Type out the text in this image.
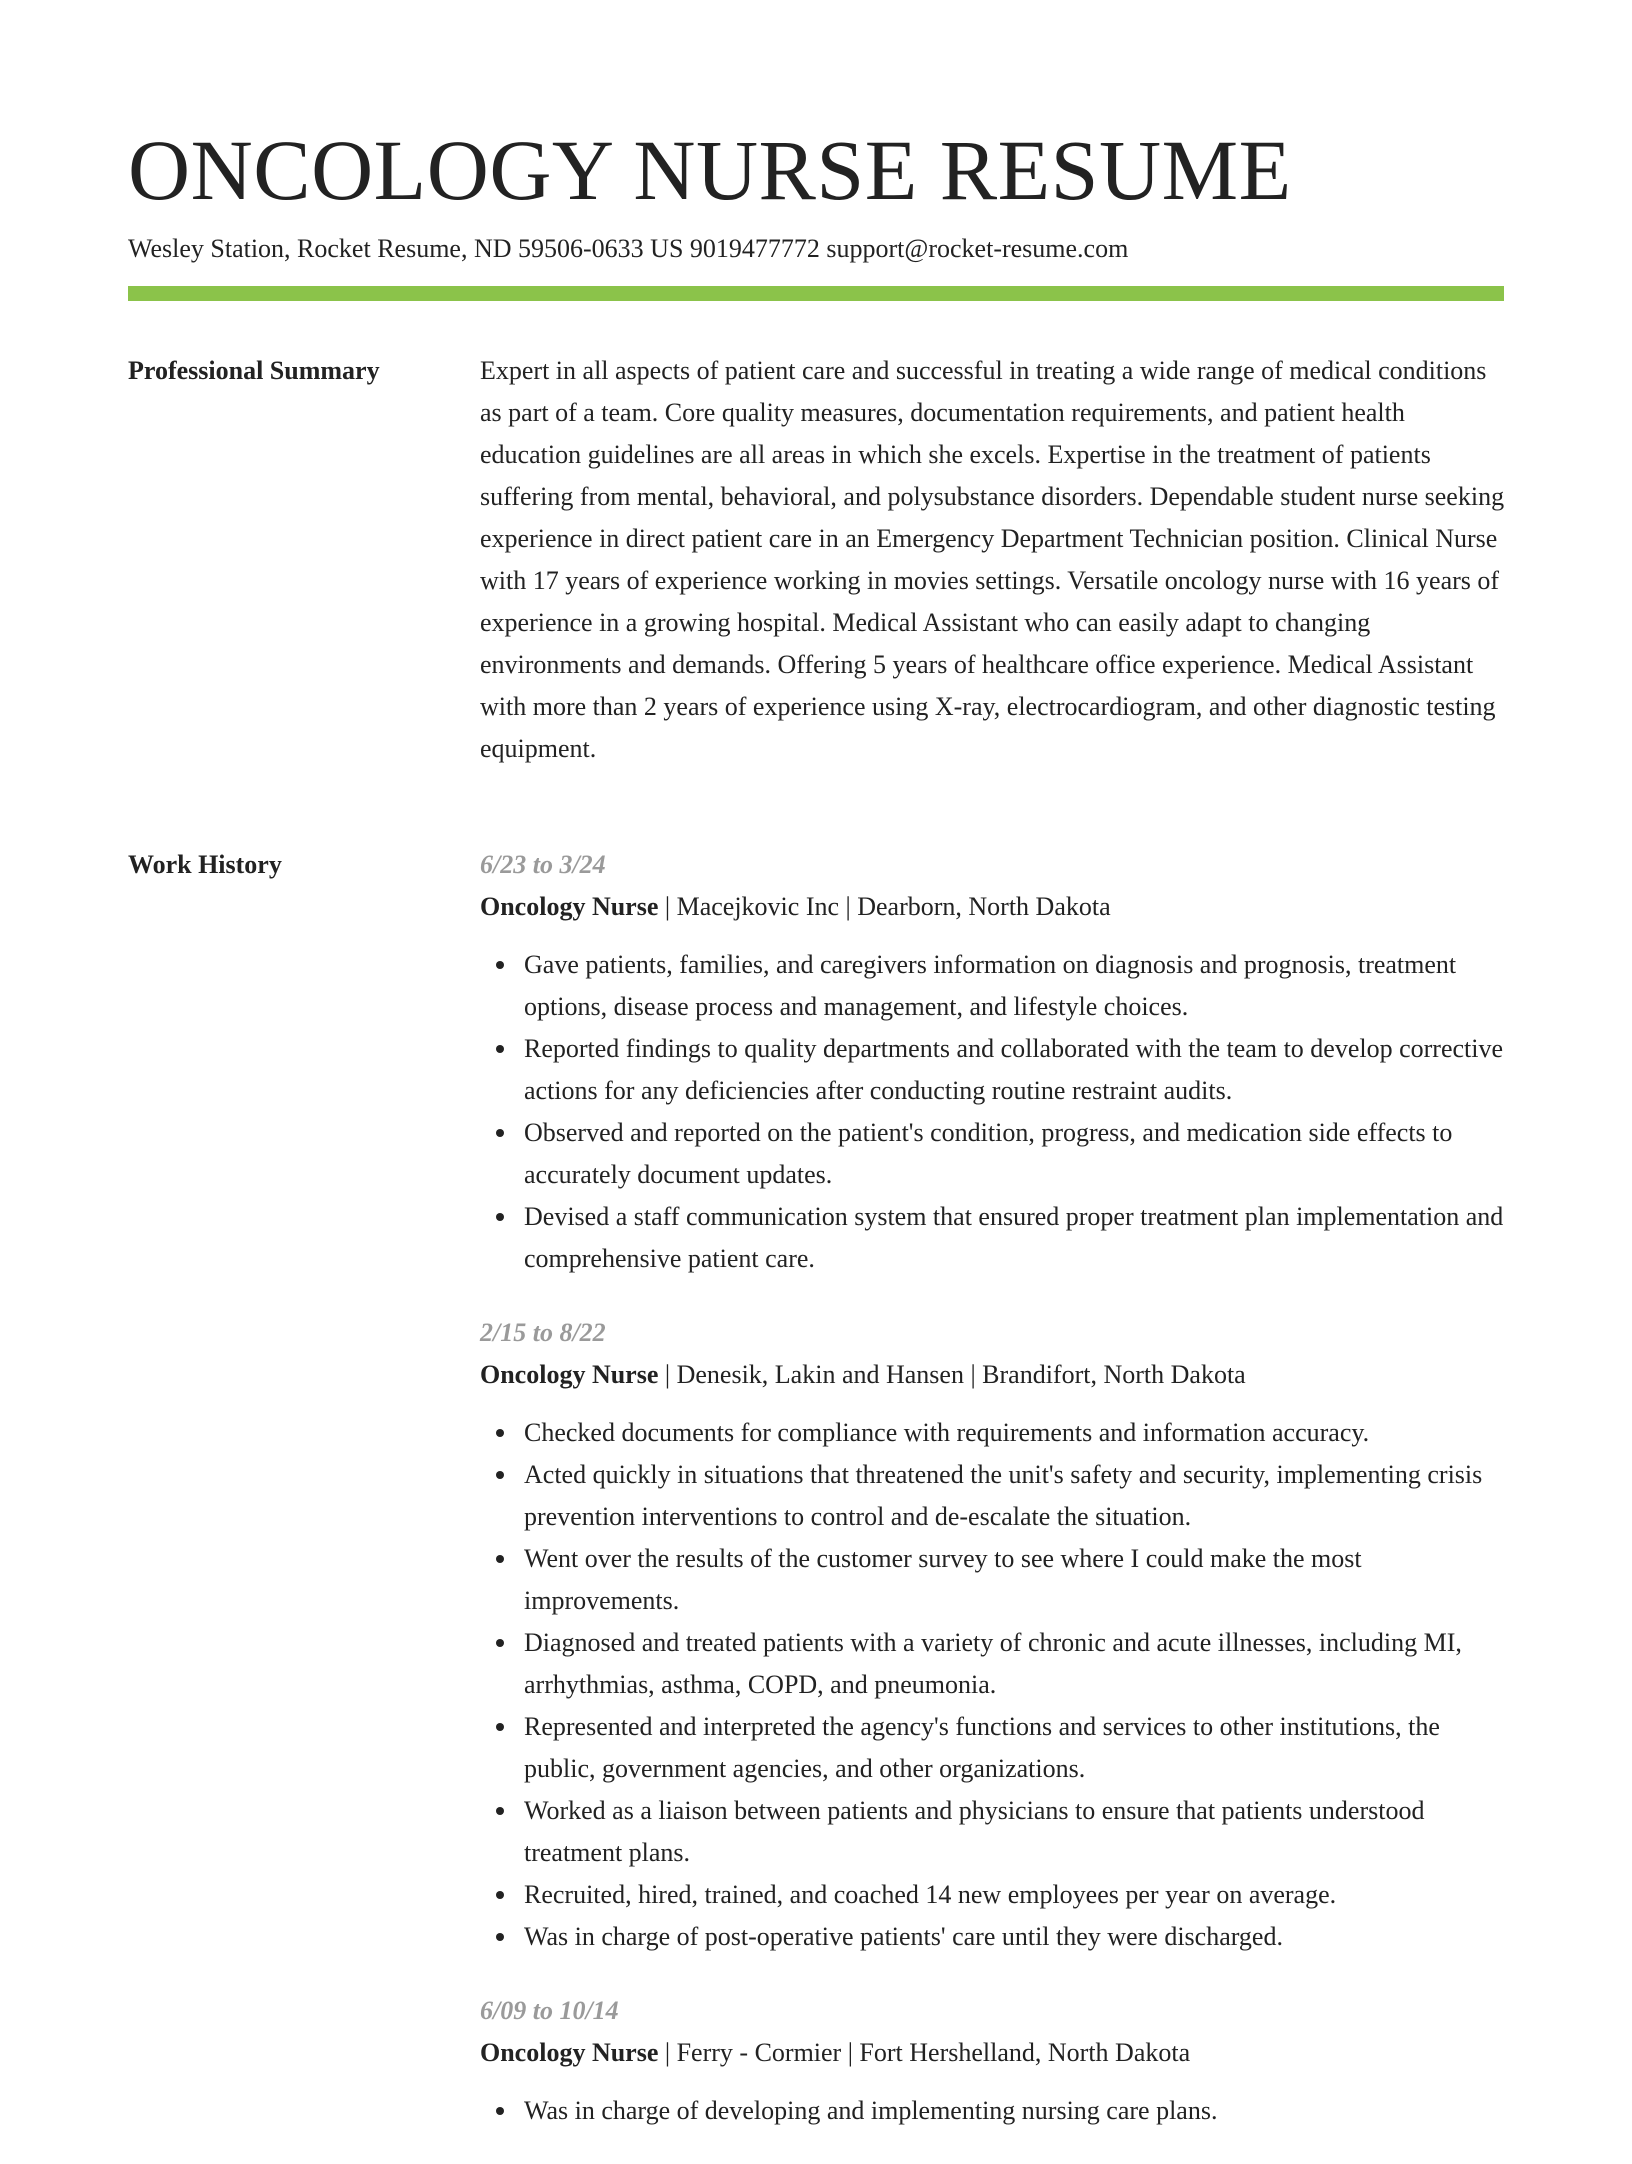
ONCOLOGY NURSE RESUME
Wesley Station, Rocket Resume, ND 59506-0633 US 9019477772 support@rocket-resume.com
Professional Summary	Expert in all aspects of patient care and successful in treating a wide range of medical conditions as part of a team. Core quality measures, documentation requirements, and patient health education guidelines are all areas in which she excels. Expertise in the treatment of patients suffering from mental, behavioral, and polysubstance disorders. Dependable student nurse seeking experience in direct patient care in an Emergency Department Technician position. Clinical Nurse with 17 years of experience working in movies settings. Versatile oncology nurse with 16 years of experience in a growing hospital. Medical Assistant who can easily adapt to changing environments and demands. Offering 5 years of healthcare office experience. Medical Assistant with more than 2 years of experience using X-ray, electrocardiogram, and other diagnostic testing equipment.

Work History	6/23 to 3/24
Oncology Nurse | Macejkovic Inc | Dearborn, North Dakota
Gave patients, families, and caregivers information on diagnosis and prognosis, treatment options, disease process and management, and lifestyle choices.
Reported findings to quality departments and collaborated with the team to develop corrective actions for any deficiencies after conducting routine restraint audits.
Observed and reported on the patient's condition, progress, and medication side effects to accurately document updates.
Devised a staff communication system that ensured proper treatment plan implementation and comprehensive patient care.
2/15 to 8/22
Oncology Nurse | Denesik, Lakin and Hansen | Brandifort, North Dakota
Checked documents for compliance with requirements and information accuracy.
Acted quickly in situations that threatened the unit's safety and security, implementing crisis prevention interventions to control and de-escalate the situation.
Went over the results of the customer survey to see where I could make the most improvements.
Diagnosed and treated patients with a variety of chronic and acute illnesses, including MI, arrhythmias, asthma, COPD, and pneumonia.
Represented and interpreted the agency's functions and services to other institutions, the public, government agencies, and other organizations.
Worked as a liaison between patients and physicians to ensure that patients understood treatment plans.
Recruited, hired, trained, and coached 14 new employees per year on average.
Was in charge of post-operative patients' care until they were discharged.
6/09 to 10/14
Oncology Nurse | Ferry - Cormier | Fort Hershelland, North Dakota
Was in charge of developing and implementing nursing care plans.
